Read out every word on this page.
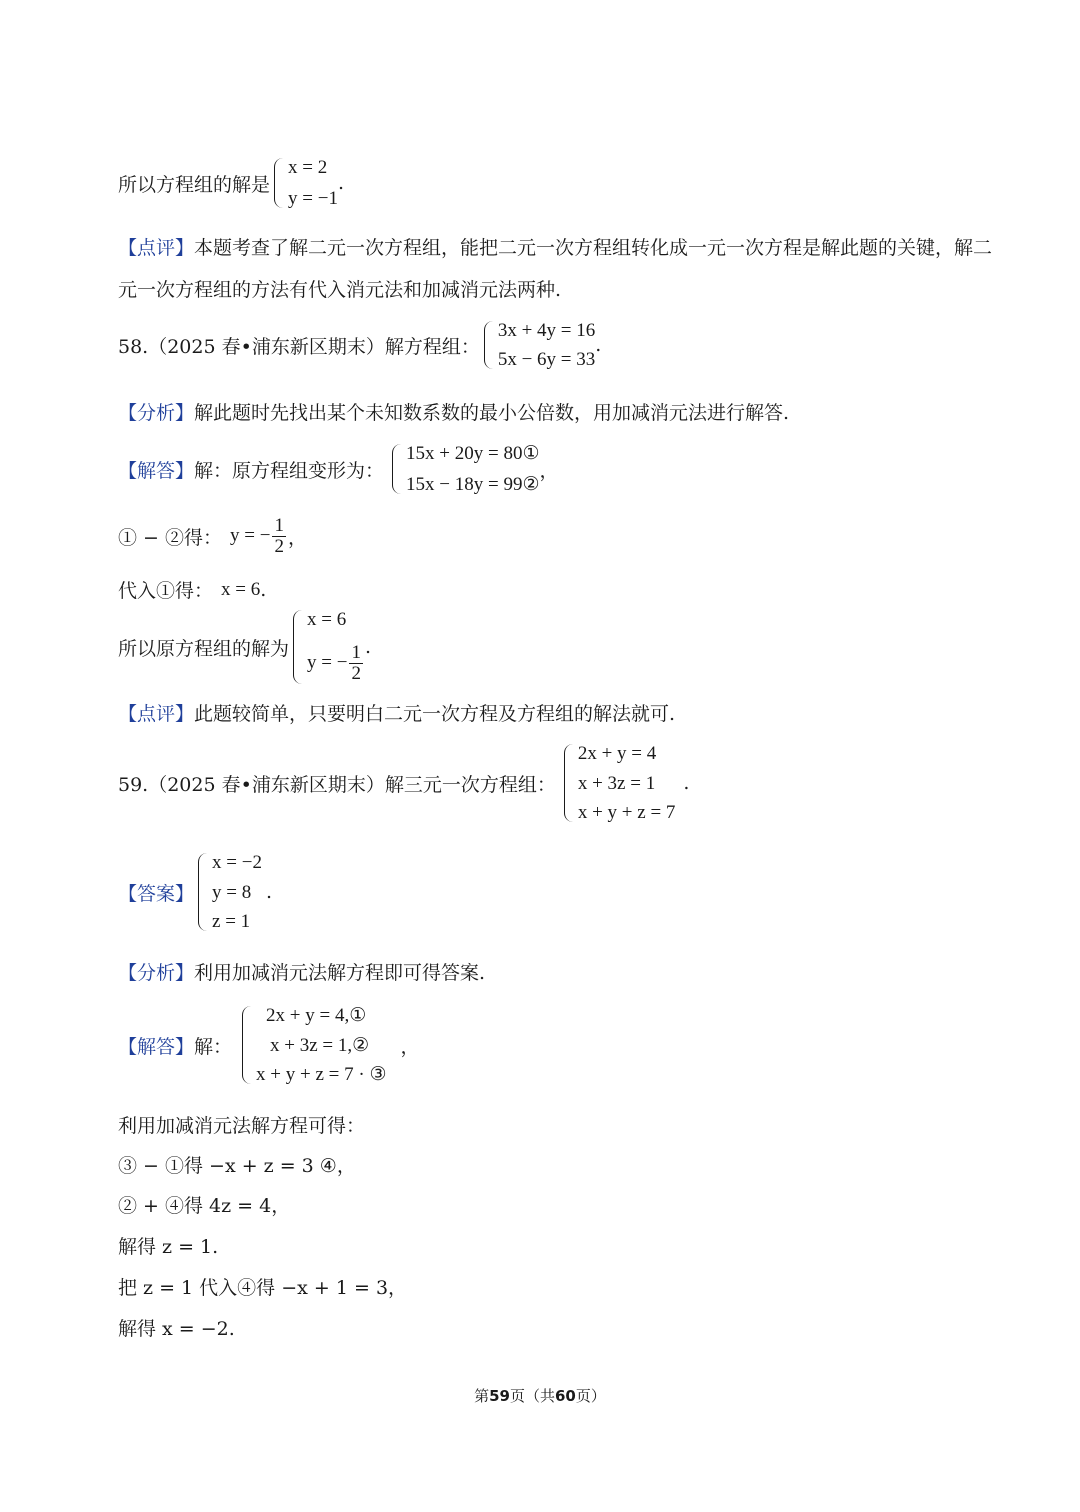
所以方程组的解是
x = 2
y = −1
.
【点评】 本题考查了解二元一次方程组，能把二元一次方程组转化成一元一次方程是解此题的关键，解二
元一次方程组的方法有代入消元法和加减消元法两种.
58.（2025 春•浦东新区期末）解方程组：
3x + 4y = 16
5x − 6y = 33
.
【分析】 解此题时先找出某个未知数系数的最小公倍数，用加减消元法进行解答.
【解答】 解：原方程组变形为：
15x + 20y = 80①
15x − 18y = 99②
，
① − ②得： y = − $\frac{1}{2}$ ，
代入①得： x = 6 .
所以原方程组的解为
x = 6
y = − $\frac{1}{2}$ .
【点评】 此题较简单，只要明白二元一次方程及方程组的解法就可.
59.（2025 春•浦东新区期末）解三元一次方程组：
2x + y = 4
x + 3z = 1
x + y + z = 7
.
【答案】
x = −2
y = 8
z = 1
.
【分析】 利用加减消元法解方程即可得答案.
【解答】 解：
2x + y = 4,①
x + 3z = 1,②
x + y + z = 7 · ③
，
利用加减消元法解方程可得：
③ − ①得 −x + z = 3 ④，
② + ④得 4z = 4，
解得 z = 1.
把 z = 1 代入④得 −x + 1 = 3，
解得 x = −2.
第59页（共60页）
